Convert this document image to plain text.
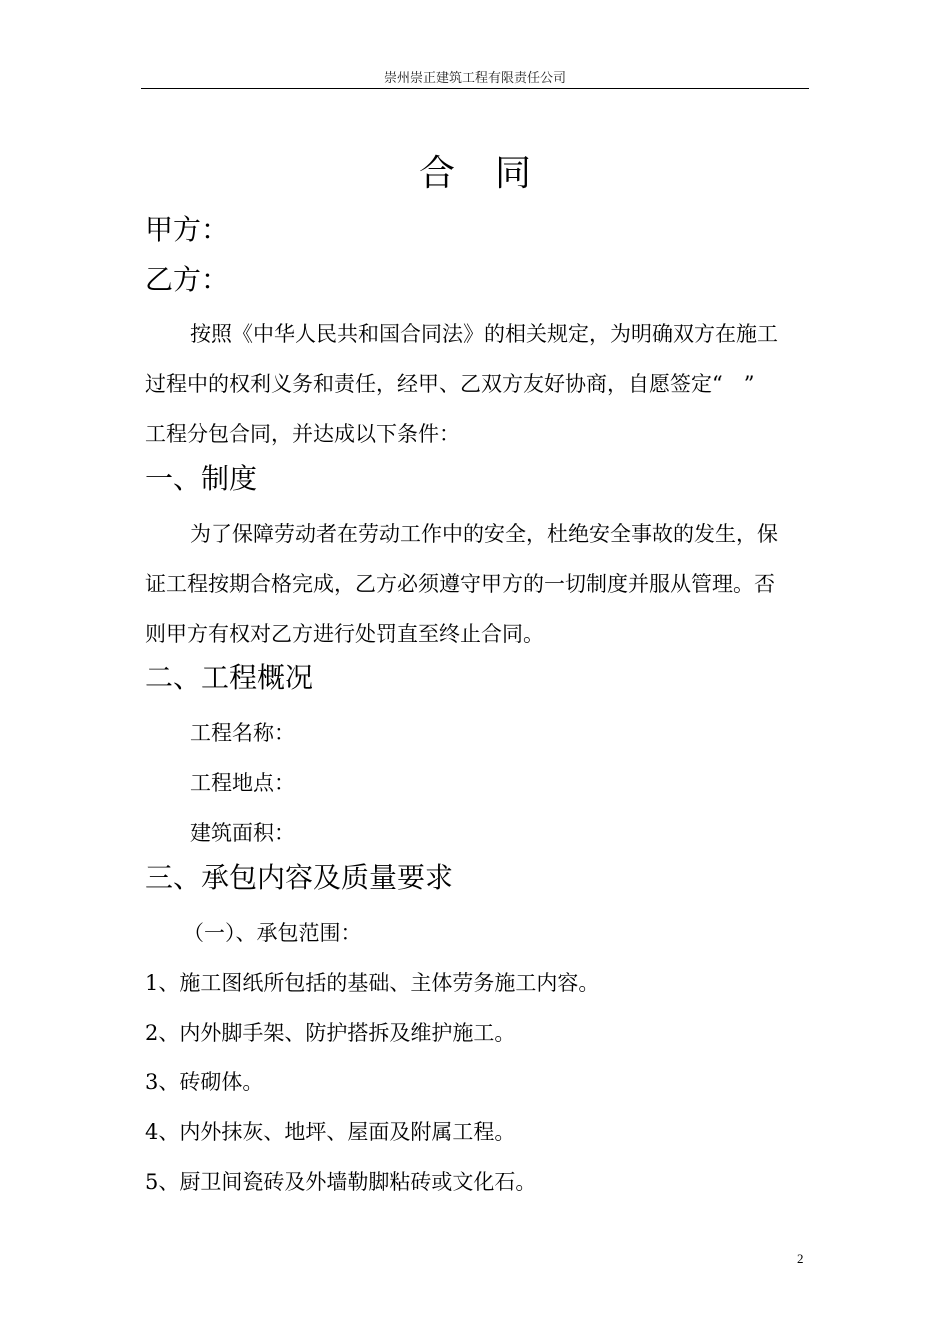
崇州崇正建筑工程有限责任公司
合 同
甲方：
乙方：
按照《中华人民共和国合同法》的相关规定，为明确双方在施工
过程中的权利义务和责任，经甲、乙双方友好协商，自愿签定“　”
工程分包合同，并达成以下条件：
一、制度
为了保障劳动者在劳动工作中的安全，杜绝安全事故的发生，保
证工程按期合格完成，乙方必须遵守甲方的一切制度并服从管理。否
则甲方有权对乙方进行处罚直至终止合同。
二、工程概况
工程名称：
工程地点：
建筑面积：
三、承包内容及质量要求
（一）、承包范围：
1、施工图纸所包括的基础、主体劳务施工内容。
2、内外脚手架、防护搭拆及维护施工。
3、砖砌体。
4、内外抹灰、地坪、屋面及附属工程。
5、厨卫间瓷砖及外墙勒脚粘砖或文化石。
2
